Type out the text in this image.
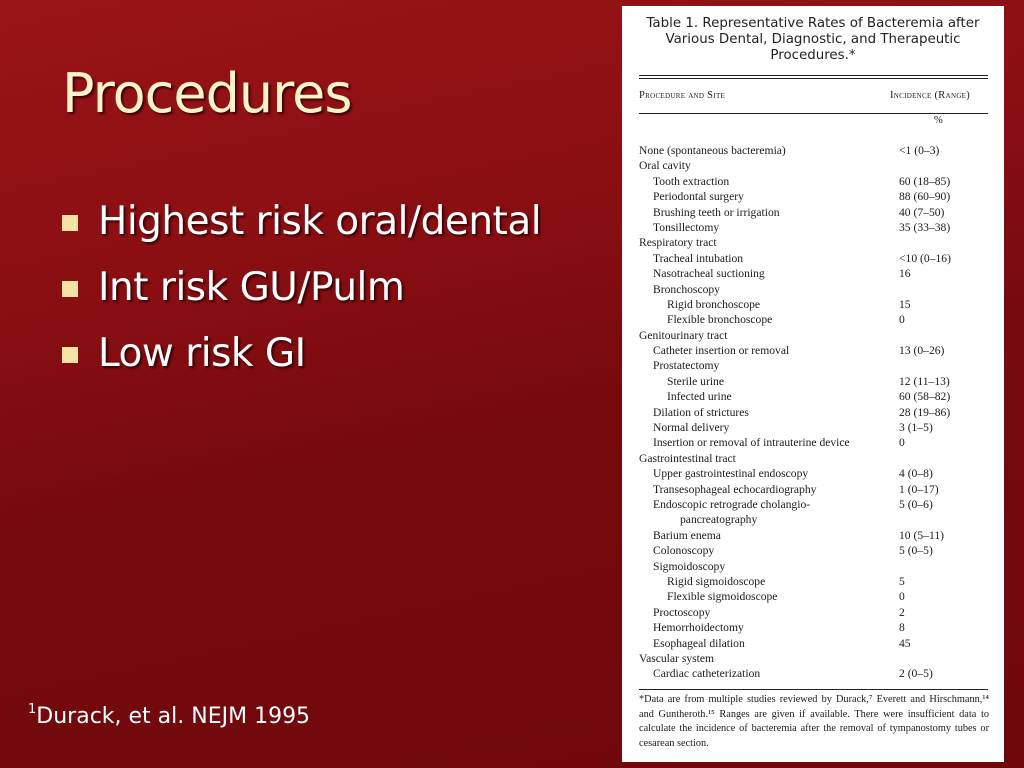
Procedures
Highest risk oral/dental
Int risk GU/Pulm
Low risk GI
$^1$Durack, et al. NEJM 1995
Table 1. Representative Rates of Bacteremia after Various Dental, Diagnostic, and Therapeutic Procedures.*
Procedure and Site	Incidence (Range)
%
None (spontaneous bacteremia)	<1 (0–3)
Oral cavity
Tooth extraction	60 (18–85)
Periodontal surgery	88 (60–90)
Brushing teeth or irrigation	40 (7–50)
Tonsillectomy	35 (33–38)
Respiratory tract
Tracheal intubation	<10 (0–16)
Nasotracheal suctioning	16
Bronchoscopy
Rigid bronchoscope	15
Flexible bronchoscope	0
Genitourinary tract
Catheter insertion or removal	13 (0–26)
Prostatectomy
Sterile urine	12 (11–13)
Infected urine	60 (58–82)
Dilation of strictures	28 (19–86)
Normal delivery	3 (1–5)
Insertion or removal of intrauterine device	0
Gastrointestinal tract
Upper gastrointestinal endoscopy	4 (0–8)
Transesophageal echocardiography	1 (0–17)
Endoscopic retrograde cholangio-	5 (0–6)
pancreatography
Barium enema	10 (5–11)
Colonoscopy	5 (0–5)
Sigmoidoscopy
Rigid sigmoidoscope	5
Flexible sigmoidoscope	0
Proctoscopy	2
Hemorrhoidectomy	8
Esophageal dilation	45
Vascular system
Cardiac catheterization	2 (0–5)
*Data are from multiple studies reviewed by Durack,⁷ Everett and Hirschmann,¹⁴ and Guntheroth.¹⁵ Ranges are given if available. There were insufficient data to calculate the incidence of bacteremia after the removal of tympanostomy tubes or cesarean section.
